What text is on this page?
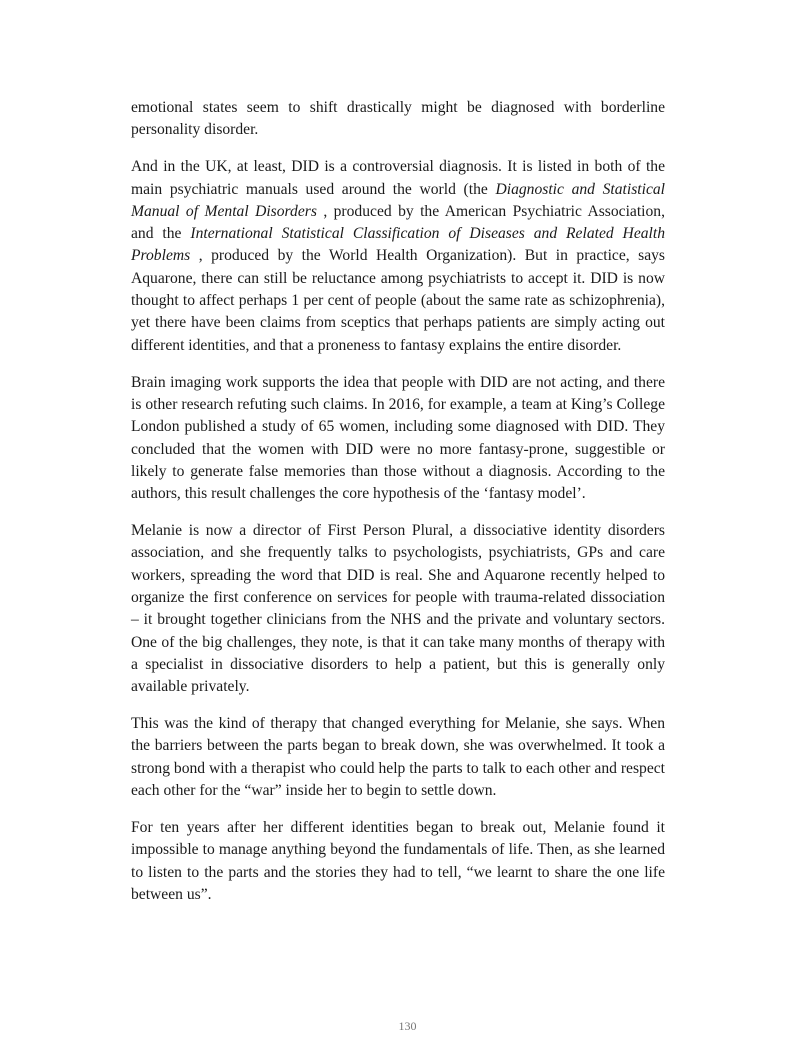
emotional states seem to shift drastically might be diagnosed with borderline personality disorder.

And in the UK, at least, DID is a controversial diagnosis. It is listed in both of the main psychiatric manuals used around the world (the Diagnostic and Statistical Manual of Mental Disorders , produced by the American Psychiatric Association, and the International Statistical Classification of Diseases and Related Health Problems , produced by the World Health Organization). But in practice, says Aquarone, there can still be reluctance among psychiatrists to accept it. DID is now thought to affect perhaps 1 per cent of people (about the same rate as schizophrenia), yet there have been claims from sceptics that perhaps patients are simply acting out different identities, and that a proneness to fantasy explains the entire disorder.

Brain imaging work supports the idea that people with DID are not acting, and there is other research refuting such claims. In 2016, for example, a team at King’s College London published a study of 65 women, including some diagnosed with DID. They concluded that the women with DID were no more fantasy-prone, suggestible or likely to generate false memories than those without a diagnosis. According to the authors, this result challenges the core hypothesis of the ‘fantasy model’.

Melanie is now a director of First Person Plural, a dissociative identity disorders association, and she frequently talks to psychologists, psychiatrists, GPs and care workers, spreading the word that DID is real. She and Aquarone recently helped to organize the first conference on services for people with trauma-related dissociation – it brought together clinicians from the NHS and the private and voluntary sectors. One of the big challenges, they note, is that it can take many months of therapy with a specialist in dissociative disorders to help a patient, but this is generally only available privately.

This was the kind of therapy that changed everything for Melanie, she says. When the barriers between the parts began to break down, she was overwhelmed. It took a strong bond with a therapist who could help the parts to talk to each other and respect each other for the “war” inside her to begin to settle down.

For ten years after her different identities began to break out, Melanie found it impossible to manage anything beyond the fundamentals of life. Then, as she learned to listen to the parts and the stories they had to tell, “we learnt to share the one life between us”.

130
